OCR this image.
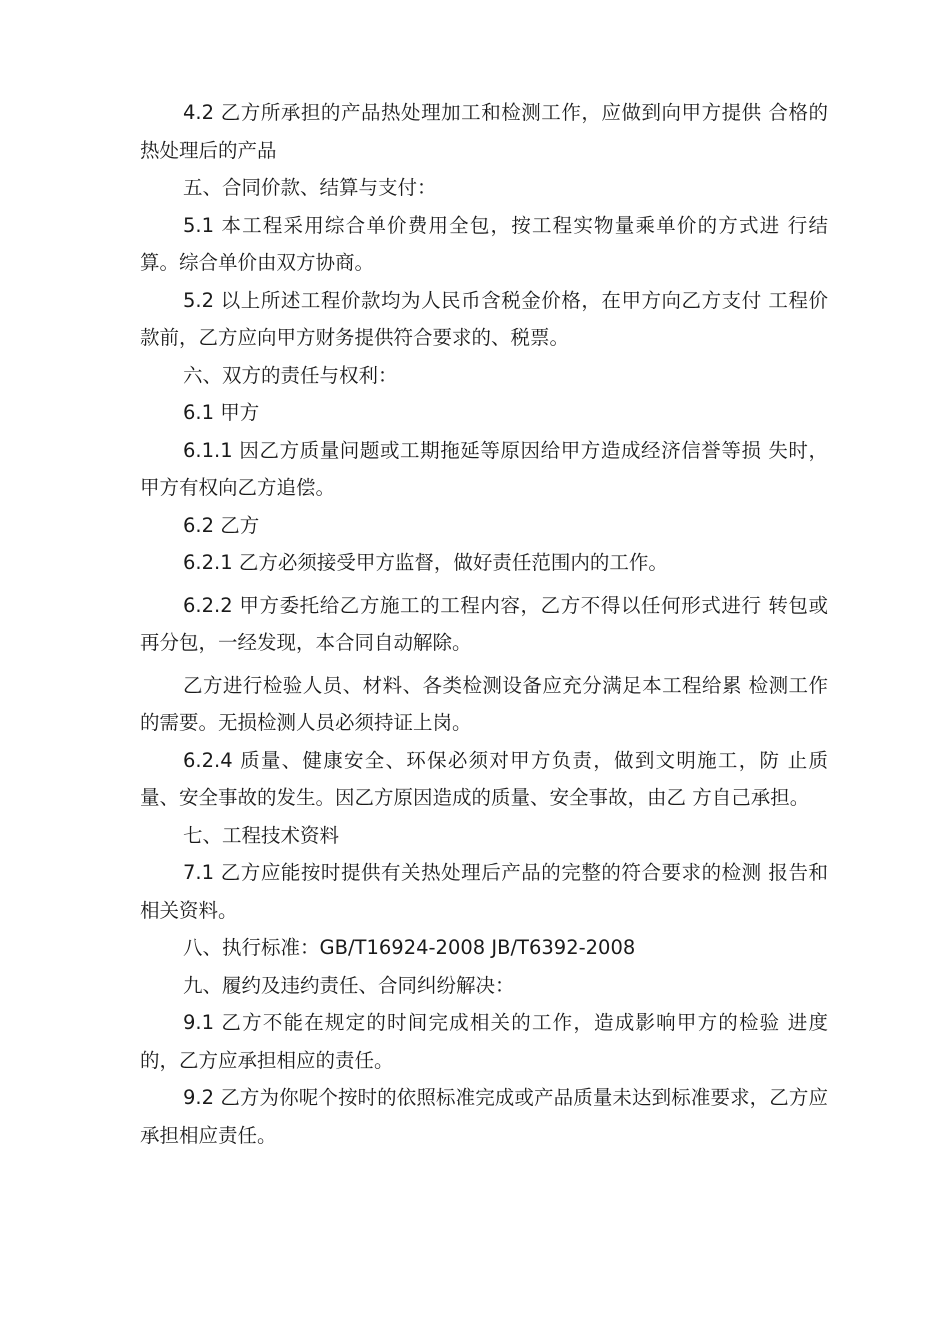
4.2 乙方所承担的产品热处理加工和检测工作，应做到向甲方提供 合格的热处理后的产品

五、合同价款、结算与支付：

5.1 本工程采用综合单价费用全包，按工程实物量乘单价的方式进 行结算。综合单价由双方协商。

5.2 以上所述工程价款均为人民币含税金价格，在甲方向乙方支付 工程价款前，乙方应向甲方财务提供符合要求的、税票。

六、双方的责任与权利：

6.1 甲方

6.1.1 因乙方质量问题或工期拖延等原因给甲方造成经济信誉等损 失时，甲方有权向乙方追偿。

6.2 乙方

6.2.1 乙方必须接受甲方监督，做好责任范围内的工作。

6.2.2 甲方委托给乙方施工的工程内容，乙方不得以任何形式进行 转包或再分包，一经发现，本合同自动解除。

乙方进行检验人员、材料、各类检测设备应充分满足本工程给累 检测工作的需要。无损检测人员必须持证上岗。

6.2.4 质量、健康安全、环保必须对甲方负责，做到文明施工，防 止质量、安全事故的发生。因乙方原因造成的质量、安全事故，由乙 方自己承担。

七、工程技术资料

7.1 乙方应能按时提供有关热处理后产品的完整的符合要求的检测 报告和相关资料。

八、执行标准：GB/T16924-2008 JB/T6392-2008

九、履约及违约责任、合同纠纷解决：

9.1 乙方不能在规定的时间完成相关的工作，造成影响甲方的检验 进度的，乙方应承担相应的责任。

9.2 乙方为你呢个按时的依照标准完成或产品质量未达到标准要求，乙方应承担相应责任。
